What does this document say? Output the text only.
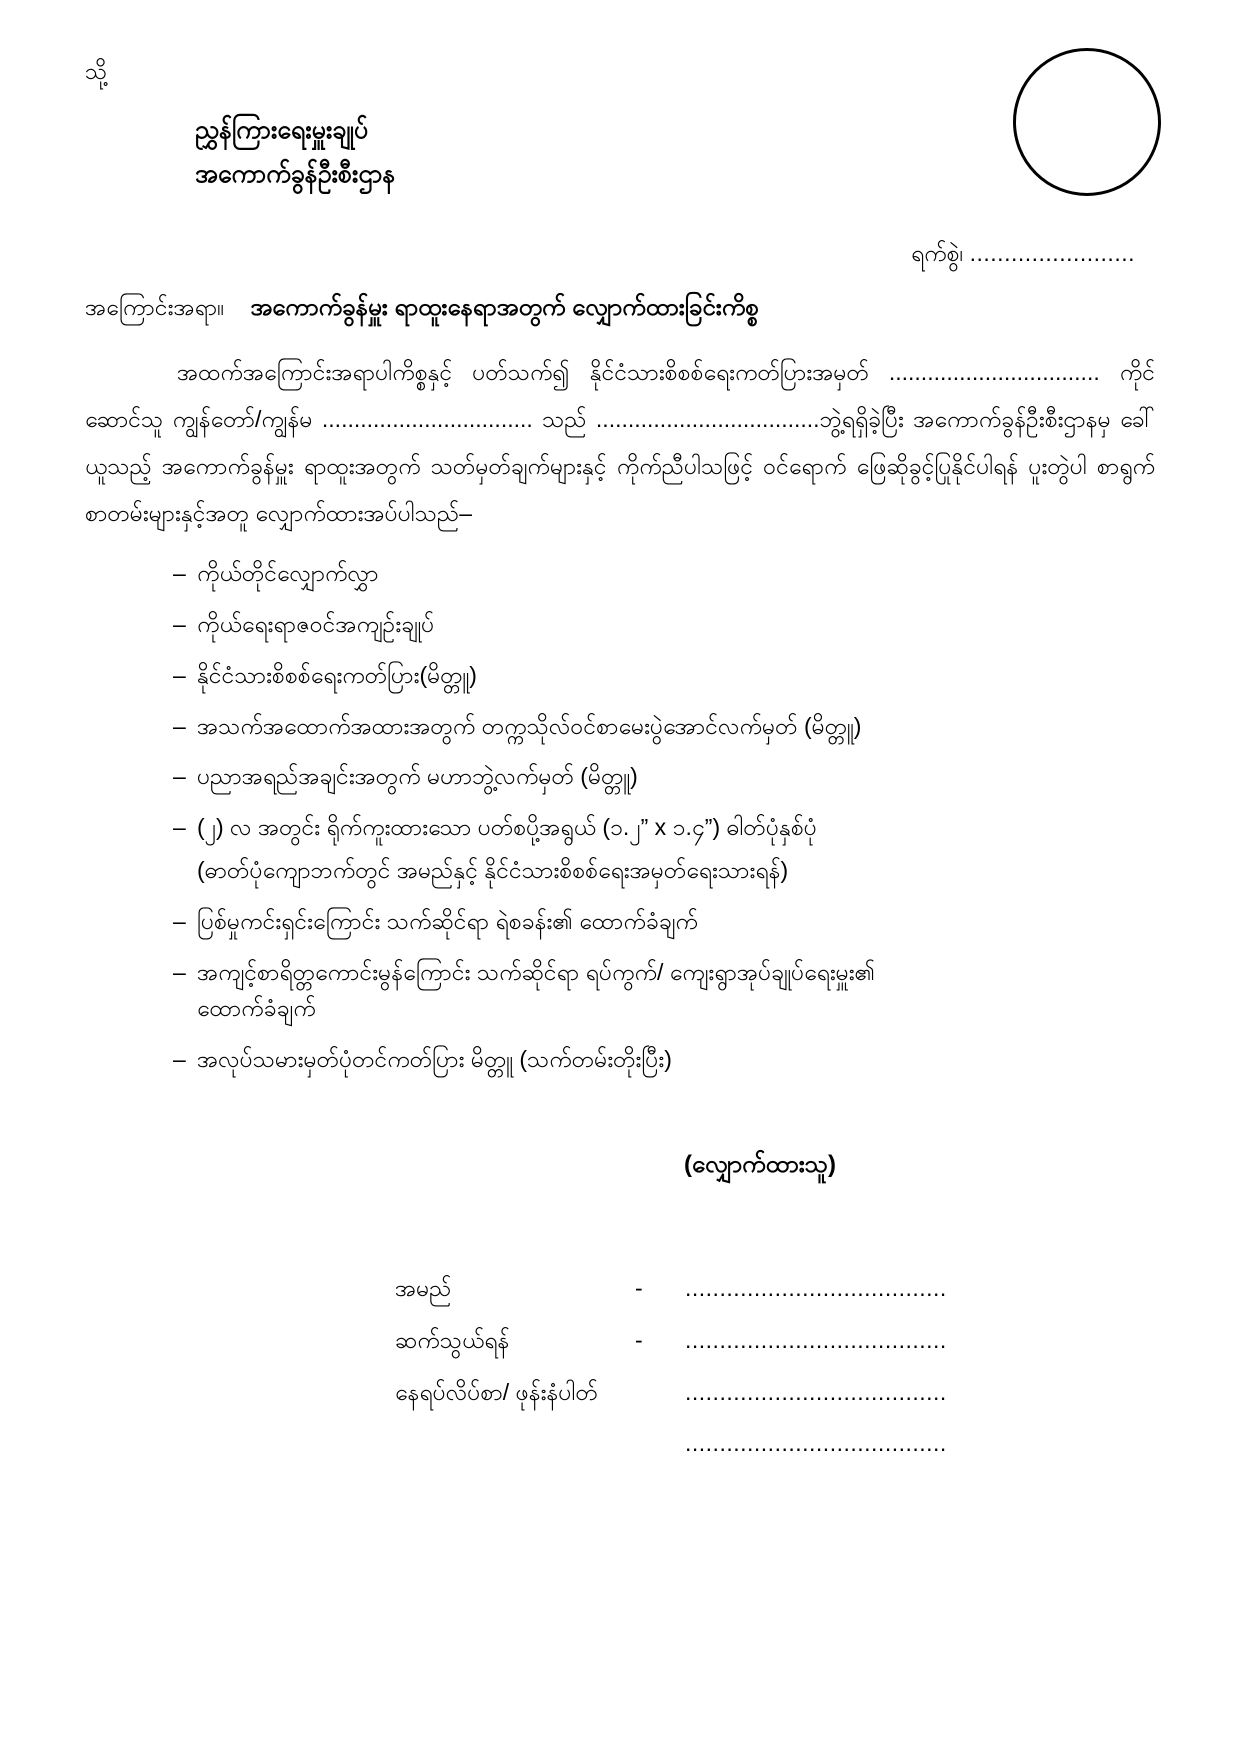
သို့
ညွှန်ကြားရေးမှူးချုပ်
အကောက်ခွန်ဦးစီးဌာန
ရက်စွဲ၊ ........................
အကြောင်းအရာ။ အကောက်ခွန်မှူး ရာထူးနေရာအတွက် လျှောက်ထားခြင်းကိစ္စ
အထက်အကြောင်းအရာပါကိစ္စနှင့် ပတ်သက်၍ နိုင်ငံသားစိစစ်ရေးကတ်ပြားအမှတ် ................................. ကိုင်ဆောင်သူ ကျွန်တော်/ကျွန်မ ................................. သည် ...................................ဘွဲ့ရရှိခဲ့ပြီး အကောက်ခွန်ဦးစီးဌာနမှ ခေါ်ယူသည့် အကောက်ခွန်မှူး ရာထူးအတွက် သတ်မှတ်ချက်များနှင့် ကိုက်ညီပါသဖြင့် ဝင်ရောက် ဖြေဆိုခွင့်ပြုနိုင်ပါရန် ပူးတွဲပါ စာရွက် စာတမ်းများနှင့်အတူ လျှောက်ထားအပ်ပါသည်–
– ကိုယ်တိုင်လျှောက်လွှာ
– ကိုယ်ရေးရာဇဝင်အကျဉ်းချုပ်
– နိုင်ငံသားစိစစ်ရေးကတ်ပြား(မိတ္တူ)
– အသက်အထောက်အထားအတွက် တက္ကသိုလ်ဝင်စာမေးပွဲအောင်လက်မှတ် (မိတ္တူ)
– ပညာအရည်အချင်းအတွက် မဟာဘွဲ့လက်မှတ် (မိတ္တူ)
– (၂) လ အတွင်း ရိုက်ကူးထားသော ပတ်စပို့အရွယ် (၁.၂” x ၁.၄”) ဓါတ်ပုံနှစ်ပုံ
(ဓာတ်ပုံကျောဘက်တွင် အမည်နှင့် နိုင်ငံသားစိစစ်ရေးအမှတ်ရေးသားရန်)
– ပြစ်မှုကင်းရှင်းကြောင်း သက်ဆိုင်ရာ ရဲစခန်း၏ ထောက်ခံချက်
– အကျင့်စာရိတ္တကောင်းမွန်ကြောင်း သက်ဆိုင်ရာ ရပ်ကွက်/ ကျေးရွာအုပ်ချုပ်ရေးမှူး၏
ထောက်ခံချက်
– အလုပ်သမားမှတ်ပုံတင်ကတ်ပြား မိတ္တူ (သက်တမ်းတိုးပြီး)
(လျှောက်ထားသူ)
အမည်	-	......................................
ဆက်သွယ်ရန်	-	......................................
နေရပ်လိပ်စာ/ ဖုန်းနံပါတ်	......................................
......................................
